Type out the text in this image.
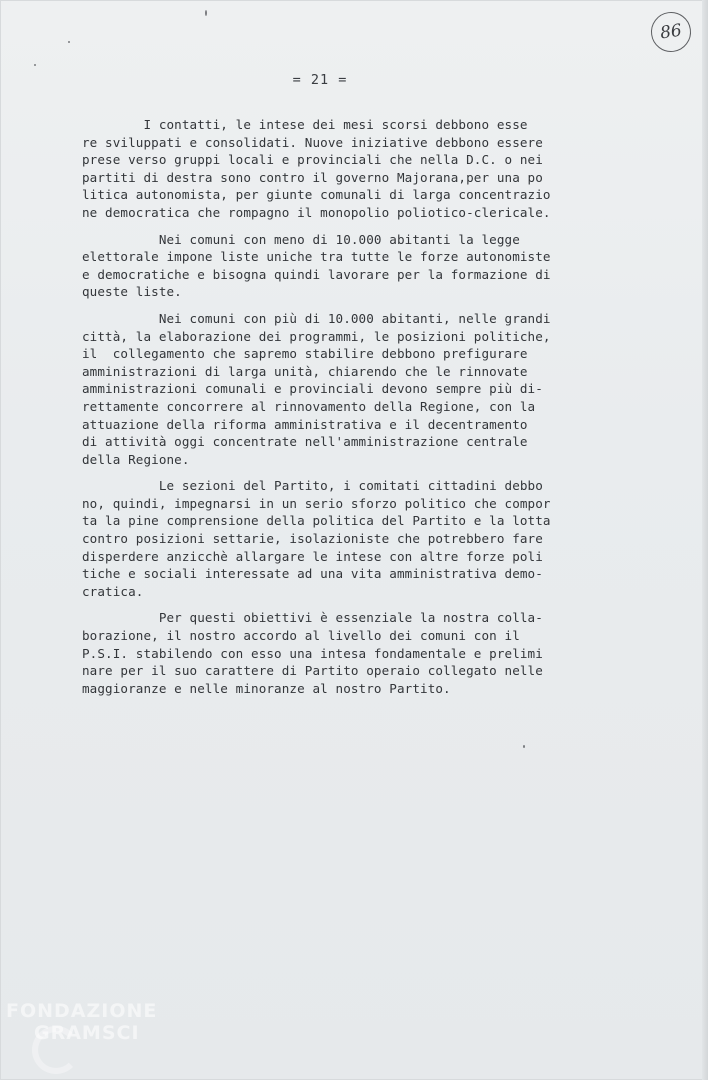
86
= 21 =
I contatti, le intese dei mesi scorsi debbono esse
re sviluppati e consolidati. Nuove iniziative debbono essere
prese verso gruppi locali e provinciali che nella D.C. o nei
partiti di destra sono contro il governo Majorana,per una po
litica autonomista, per giunte comunali di larga concentrazio
ne democratica che rompagno il monopolio poliotico-clericale.
Nei comuni con meno di 10.000 abitanti la legge
elettorale impone liste uniche tra tutte le forze autonomiste
e democratiche e bisogna quindi lavorare per la formazione di
queste liste.
Nei comuni con più di 10.000 abitanti, nelle grandi
città, la elaborazione dei programmi, le posizioni politiche,
il  collegamento che sapremo stabilire debbono prefigurare
amministrazioni di larga unità, chiarendo che le rinnovate
amministrazioni comunali e provinciali devono sempre più di-
rettamente concorrere al rinnovamento della Regione, con la
attuazione della riforma amministrativa e il decentramento
di attività oggi concentrate nell'amministrazione centrale
della Regione.
Le sezioni del Partito, i comitati cittadini debbo
no, quindi, impegnarsi in un serio sforzo politico che compor
ta la pine comprensione della politica del Partito e la lotta
contro posizioni settarie, isolazioniste che potrebbero fare
disperdere anzicchè allargare le intese con altre forze poli
tiche e sociali interessate ad una vita amministrativa demo-
cratica.
Per questi obiettivi è essenziale la nostra colla-
borazione, il nostro accordo al livello dei comuni con il
P.S.I. stabilendo con esso una intesa fondamentale e prelimi
nare per il suo carattere di Partito operaio collegato nelle
maggioranze e nelle minoranze al nostro Partito.
FONDAZIONE
GRAMSCI
